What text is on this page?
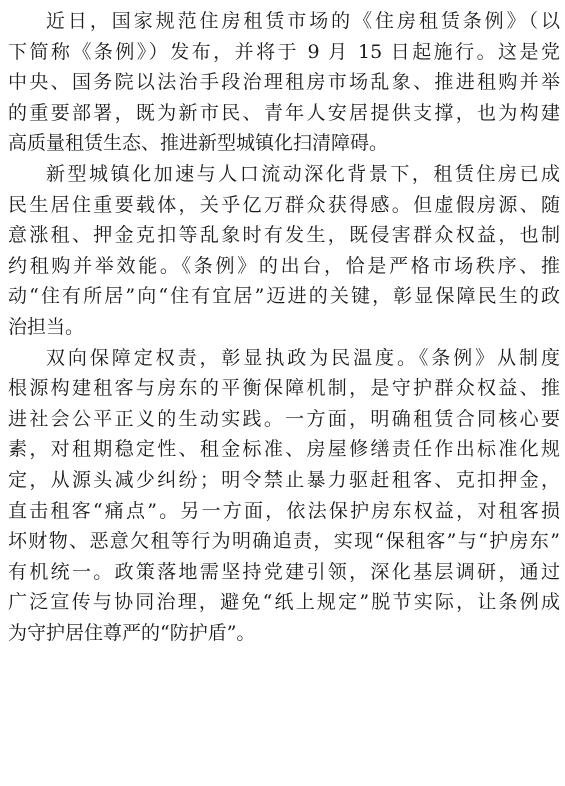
近日，国家规范住房租赁市场的《住房租赁条例》（以
下简称《条例》）发布，并将于 9 月 15 日起施行。这是党
中央、国务院以法治手段治理租房市场乱象、推进租购并举
的重要部署，既为新市民、青年人安居提供支撑，也为构建
高质量租赁生态、推进新型城镇化扫清障碍。
新型城镇化加速与人口流动深化背景下，租赁住房已成
民生居住重要载体，关乎亿万群众获得感。但虚假房源、随
意涨租、押金克扣等乱象时有发生，既侵害群众权益，也制
约租购并举效能。《条例》的出台，恰是严格市场秩序、推
动“住有所居”向“住有宜居”迈进的关键，彰显保障民生的政
治担当。
双向保障定权责，彰显执政为民温度。《条例》从制度
根源构建租客与房东的平衡保障机制，是守护群众权益、推
进社会公平正义的生动实践。一方面，明确租赁合同核心要
素，对租期稳定性、租金标准、房屋修缮责任作出标准化规
定，从源头减少纠纷；明令禁止暴力驱赶租客、克扣押金，
直击租客“痛点”。另一方面，依法保护房东权益，对租客损
坏财物、恶意欠租等行为明确追责，实现“保租客”与“护房东”
有机统一。政策落地需坚持党建引领，深化基层调研，通过
广泛宣传与协同治理，避免“纸上规定”脱节实际，让条例成
为守护居住尊严的“防护盾”。
